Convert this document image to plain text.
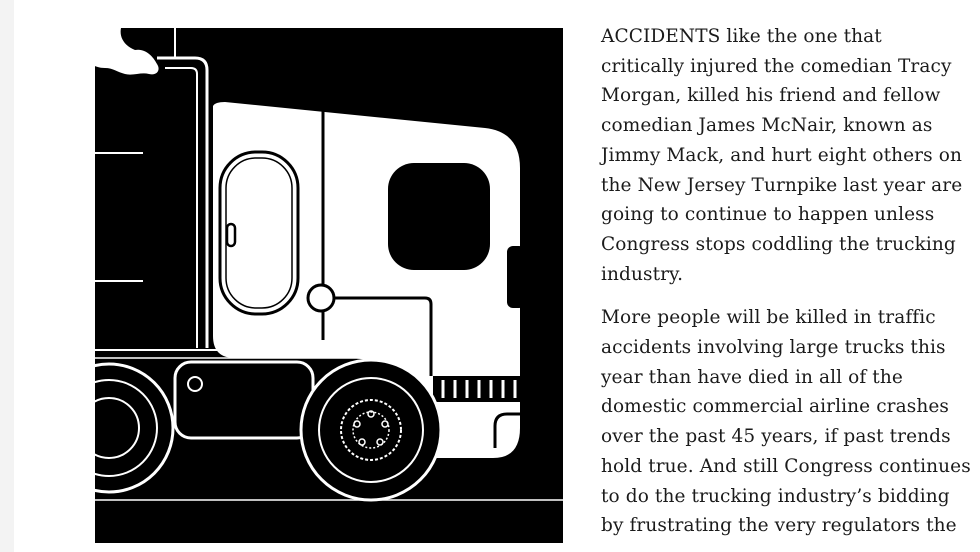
ACCIDENTS like the one that
critically injured the comedian Tracy
Morgan, killed his friend and fellow
comedian James McNair, known as
Jimmy Mack, and hurt eight others on
the New Jersey Turnpike last year are
going to continue to happen unless
Congress stops coddling the trucking
industry.

More people will be killed in traffic
accidents involving large trucks this
year than have died in all of the
domestic commercial airline crashes
over the past 45 years, if past trends
hold true. And still Congress continues
to do the trucking industry’s bidding
by frustrating the very regulators the
